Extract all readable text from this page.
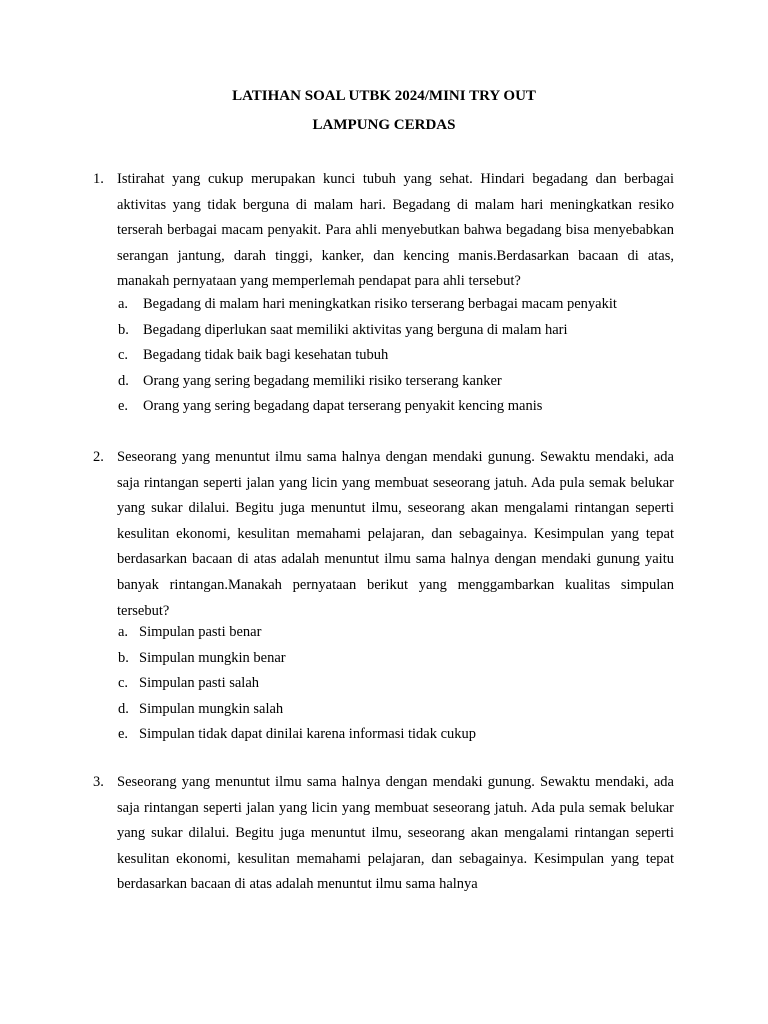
LATIHAN SOAL UTBK 2024/MINI TRY OUT
LAMPUNG CERDAS
1. Istirahat yang cukup merupakan kunci tubuh yang sehat. Hindari begadang dan berbagai aktivitas yang tidak berguna di malam hari. Begadang di malam hari meningkatkan resiko terserah berbagai macam penyakit. Para ahli menyebutkan bahwa begadang bisa menyebabkan serangan jantung, darah tinggi, kanker, dan kencing manis.Berdasarkan bacaan di atas, manakah pernyataan yang memperlemah pendapat para ahli tersebut?

a. Begadang di malam hari meningkatkan risiko terserang berbagai macam penyakit
b. Begadang diperlukan saat memiliki aktivitas yang berguna di malam hari
c. Begadang tidak baik bagi kesehatan tubuh
d. Orang yang sering begadang memiliki risiko terserang kanker
e. Orang yang sering begadang dapat terserang penyakit kencing manis
2. Seseorang yang menuntut ilmu sama halnya dengan mendaki gunung. Sewaktu mendaki, ada saja rintangan seperti jalan yang licin yang membuat seseorang jatuh. Ada pula semak belukar yang sukar dilalui. Begitu juga menuntut ilmu, seseorang akan mengalami rintangan seperti kesulitan ekonomi, kesulitan memahami pelajaran, dan sebagainya. Kesimpulan yang tepat berdasarkan bacaan di atas adalah menuntut ilmu sama halnya dengan mendaki gunung yaitu banyak rintangan.Manakah pernyataan berikut yang menggambarkan kualitas simpulan tersebut?

a. Simpulan pasti benar
b. Simpulan mungkin benar
c. Simpulan pasti salah
d. Simpulan mungkin salah
e. Simpulan tidak dapat dinilai karena informasi tidak cukup
3. Seseorang yang menuntut ilmu sama halnya dengan mendaki gunung. Sewaktu mendaki, ada saja rintangan seperti jalan yang licin yang membuat seseorang jatuh. Ada pula semak belukar yang sukar dilalui. Begitu juga menuntut ilmu, seseorang akan mengalami rintangan seperti kesulitan ekonomi, kesulitan memahami pelajaran, dan sebagainya. Kesimpulan yang tepat berdasarkan bacaan di atas adalah menuntut ilmu sama halnya
